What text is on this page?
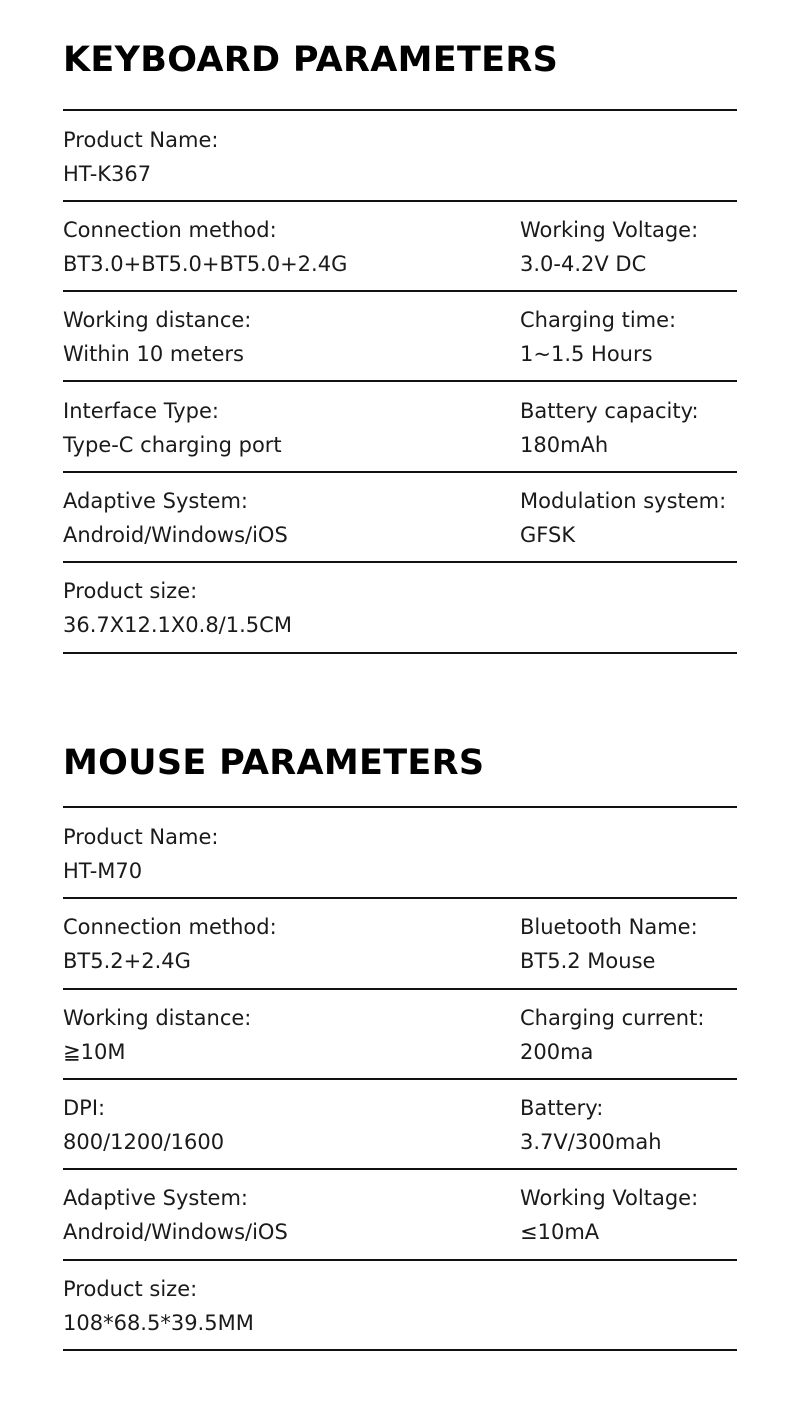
KEYBOARD PARAMETERS
Product Name:
HT-K367
Connection method:
BT3.0+BT5.0+BT5.0+2.4G
Working Voltage:
3.0-4.2V DC
Working distance:
Within 10 meters
Charging time:
1~1.5 Hours
Interface Type:
Type-C charging port
Battery capacity:
180mAh
Adaptive System:
Android/Windows/iOS
Modulation system:
GFSK
Product size:
36.7X12.1X0.8/1.5CM
MOUSE PARAMETERS
Product Name:
HT-M70
Connection method:
BT5.2+2.4G
Bluetooth Name:
BT5.2 Mouse
Working distance:
≧10M
Charging current:
200ma
DPI:
800/1200/1600
Battery:
3.7V/300mah
Adaptive System:
Android/Windows/iOS
Working Voltage:
≤10mA
Product size:
108*68.5*39.5MM
